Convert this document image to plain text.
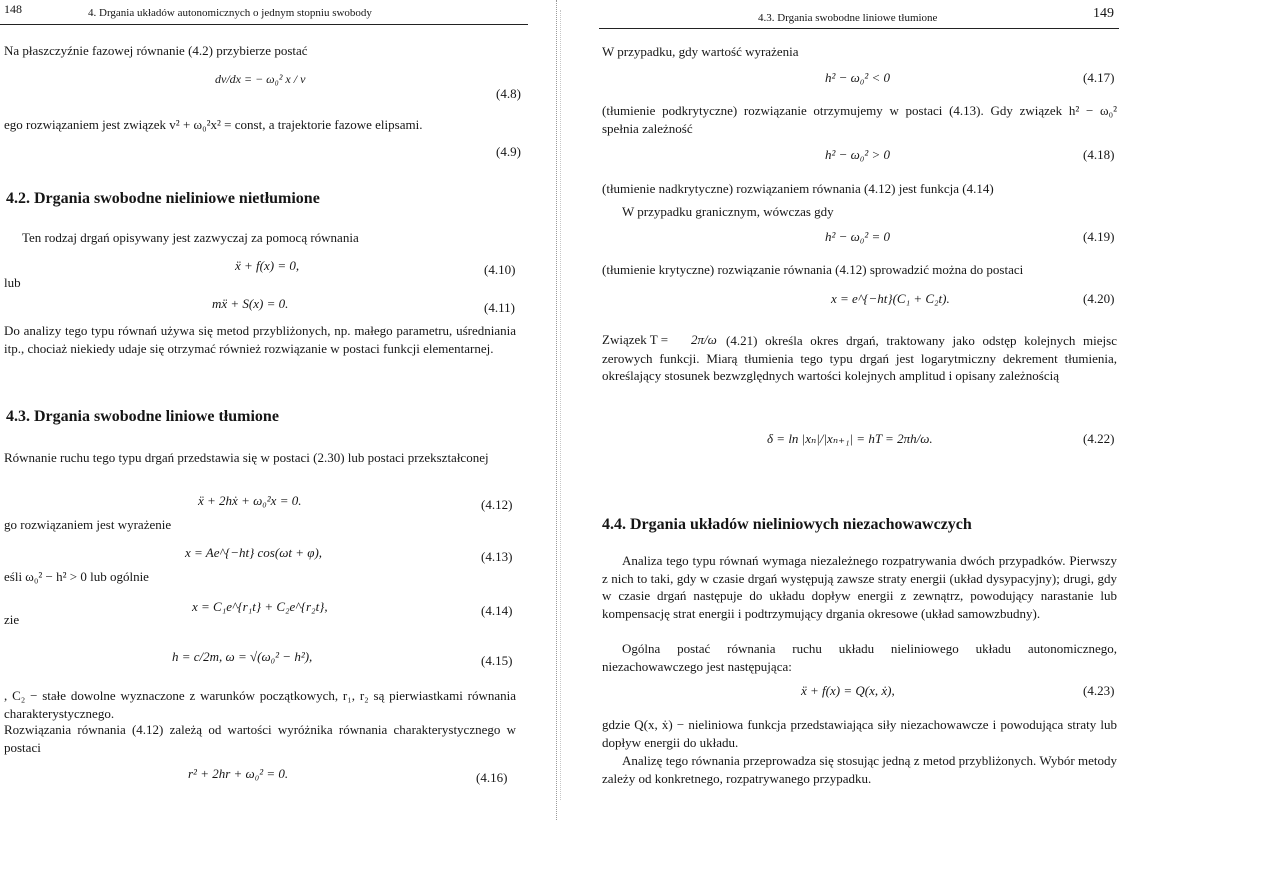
148	4. Drgania układów autonomicznych o jednym stopniu swobody
Na płaszczyźnie fazowej równanie (4.2) przybierze postać
dv/dx = − ω₀² x / v
(4.8)
ego rozwiązaniem jest związek v² + ω₀²x² = const, a trajektorie fazowe elipsami.
(4.9)
4.2. Drgania swobodne nieliniowe nietłumione
Ten rodzaj drgań opisywany jest zazwyczaj za pomocą równania
ẍ + f(x) = 0,	(4.10)
lub
mẍ + S(x) = 0.	(4.11)
Do analizy tego typu równań używa się metod przybliżonych, np. małego parametru, uśredniania itp., chociaż niekiedy udaje się otrzymać również rozwiązanie w postaci funkcji elementarnej.
4.3. Drgania swobodne liniowe tłumione
Równanie ruchu tego typu drgań przedstawia się w postaci (2.30) lub postaci przekształconej
ẍ + 2hẋ + ω₀²x = 0.	(4.12)
go rozwiązaniem jest wyrażenie
x = Ae^{−ht} cos(ωt + φ),	(4.13)
eśli ω₀² − h² > 0 lub ogólnie
x = C₁e^{r₁t} + C₂e^{r₂t},	(4.14)
zie
h = c/2m, ω = √(ω₀² − h²),	(4.15)
, C₂ − stałe dowolne wyznaczone z warunków początkowych, r₁, r₂ są pierwiastkami równania charakterystycznego.
Rozwiązania równania (4.12) zależą od wartości wyróżnika równania charakterystycznego w postaci
r² + 2hr + ω₀² = 0.	(4.16)
4.3. Drgania swobodne liniowe tłumione	149
W przypadku, gdy wartość wyrażenia
h² − ω₀² < 0	(4.17)
(tłumienie podkrytyczne) rozwiązanie otrzymujemy w postaci (4.13). Gdy związek h² − ω₀² spełnia zależność
h² − ω₀² > 0	(4.18)
(tłumienie nadkrytyczne) rozwiązaniem równania (4.12) jest funkcja (4.14)
W przypadku granicznym, wówczas gdy
h² − ω₀² = 0	(4.19)
(tłumienie krytyczne) rozwiązanie równania (4.12) sprowadzić można do postaci
x = e^{−ht}(C₁ + C₂t).	(4.20)
Związek T = 2π/ω (4.21) określa okres drgań, traktowany jako odstęp kolejnych miejsc zerowych funkcji. Miarą tłumienia tego typu drgań jest logarytmiczny dekrement tłumienia, określający stosunek bezwzględnych wartości kolejnych amplitud i opisany zależnością
δ = ln |xₙ|/|xₙ₊₁| = hT = 2πh/ω.	(4.22)
4.4. Drgania układów nieliniowych niezachowawczych
Analiza tego typu równań wymaga niezależnego rozpatrywania dwóch przypadków. Pierwszy z nich to taki, gdy w czasie drgań występują zawsze straty energii (układ dysypacyjny); drugi, gdy w czasie drgań następuje do układu dopływ energii z zewnątrz, powodujący narastanie lub kompensację strat energii i podtrzymujący drgania okresowe (układ samowzbudny).
Ogólna postać równania ruchu układu nieliniowego układu autonomicznego, niezachowawczego jest następująca:
ẍ + f(x) = Q(x, ẋ),	(4.23)
gdzie Q(x, ẋ) − nieliniowa funkcja przedstawiająca siły niezachowawcze i powodująca straty lub dopływ energii do układu.
Analizę tego równania przeprowadza się stosując jedną z metod przybliżonych. Wybór metody zależy od konkretnego, rozpatrywanego przypadku.
